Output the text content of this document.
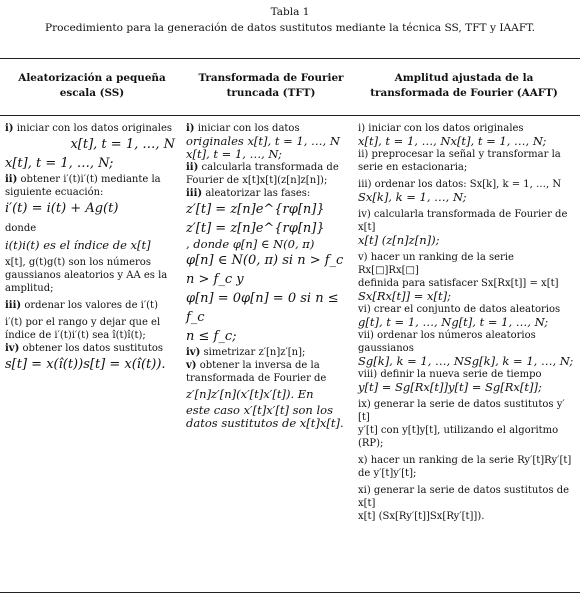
Tabla 1
Procedimiento para la generación de datos sustitutos mediante la técnica SS, TFT y IAAFT.
Aleatorización a pequeña escala (SS)
Transformada de Fourier truncada (TFT)
Amplitud ajustada de la transformada de Fourier (AAFT)

i) iniciar con los datos originales

x[t], t = 1, …, N

x[t], t = 1, …, N;

ii) obtener i′(t)i′(t) mediante la siguiente ecuación:

i′(t) = i(t) + Ag(t)

donde

i(t)i(t) es el índice de x[t]

x[t], g(t)g(t) son los números gaussianos aleatorios y AA es la amplitud;

iii) ordenar los valores de i′(t)

i′(t) por el rango y dejar que el índice de i′(t)i′(t) sea î(t)î(t);

iv) obtener los datos sustitutos

s[t] = x(î(t))s[t] = x(î(t)).

i) iniciar con los datos

originales x[t], t = 1, …, N

x[t], t = 1, …, N;

ii) calcularla transformada de Fourier de x[t]x[t](z[n]z[n]);

iii) aleatorizar las fases:

z′[t] = z[n]e^{rφ[n]}

z′[t] = z[n]e^{rφ[n]}

, donde φ[n] ∈ N(0, π)

φ[n] ∈ N(0, π) si n > f_c

n > f_c y

φ[n] = 0φ[n] = 0 si n ≤ f_c

n ≤ f_c;

iv) simetrizar z′[n]z′[n];

v) obtener la inversa de la transformada de Fourier de

z′[n]z′[n](x′[t]x′[t]). En

este caso x′[t]x′[t] son los datos sustitutos de x[t]x[t].

i) iniciar con los datos originales

x[t], t = 1, …, Nx[t], t = 1, …, N;

ii) preprocesar la señal y transformar la serie en estacionaria;

iii) ordenar los datos: Sx[k], k = 1, …, N

Sx[k], k = 1, …, N;

iv) calcularla transformada de Fourier de x[t]

x[t] (z[n]z[n]);

v) hacer un ranking de la serie Rx[□]Rx[□]

definida para satisfacer Sx[Rx[t]] = x[t]

Sx[Rx[t]] = x[t];

vi) crear el conjunto de datos aleatorios

g[t], t = 1, …, Ng[t], t = 1, …, N;

vii) ordenar los números aleatorios gaussianos

Sg[k], k = 1, …, NSg[k], k = 1, …, N;

viii) definir la nueva serie de tiempo

y[t] = Sg[Rx[t]]y[t] = Sg[Rx[t]];

ix) generar la serie de datos sustitutos y′[t]

y′[t] con y[t]y[t], utilizando el algoritmo (RP);

x) hacer un ranking de la serie Ry′[t]Ry′[t]

de y′[t]y′[t];

xi) generar la serie de datos sustitutos de x[t]

x[t] (Sx[Ry′[t]]Sx[Ry′[t]]).
